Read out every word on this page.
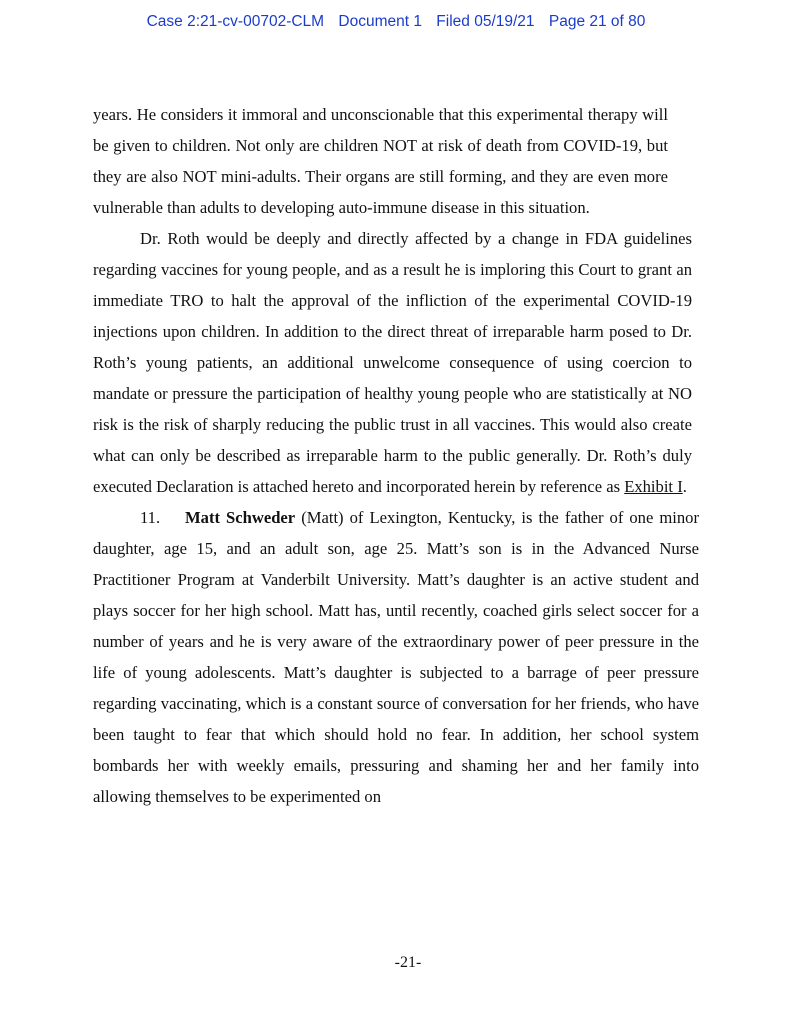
Case 2:21-cv-00702-CLM Document 1 Filed 05/19/21 Page 21 of 80

years. He considers it immoral and unconscionable that this experimental therapy will be given to children. Not only are children NOT at risk of death from COVID-19, but they are also NOT mini-adults. Their organs are still forming, and they are even more vulnerable than adults to developing auto-immune disease in this situation.

Dr. Roth would be deeply and directly affected by a change in FDA guidelines regarding vaccines for young people, and as a result he is imploring this Court to grant an immediate TRO to halt the approval of the infliction of the experimental COVID-19 injections upon children. In addition to the direct threat of irreparable harm posed to Dr. Roth’s young patients, an additional unwelcome consequence of using coercion to mandate or pressure the participation of healthy young people who are statistically at NO risk is the risk of sharply reducing the public trust in all vaccines. This would also create what can only be described as irreparable harm to the public generally. Dr. Roth’s duly executed Declaration is attached hereto and incorporated herein by reference as Exhibit I.

11. Matt Schweder (Matt) of Lexington, Kentucky, is the father of one minor daughter, age 15, and an adult son, age 25. Matt’s son is in the Advanced Nurse Practitioner Program at Vanderbilt University. Matt’s daughter is an active student and plays soccer for her high school. Matt has, until recently, coached girls select soccer for a number of years and he is very aware of the extraordinary power of peer pressure in the life of young adolescents. Matt’s daughter is subjected to a barrage of peer pressure regarding vaccinating, which is a constant source of conversation for her friends, who have been taught to fear that which should hold no fear. In addition, her school system bombards her with weekly emails, pressuring and shaming her and her family into allowing themselves to be experimented on

-21-
